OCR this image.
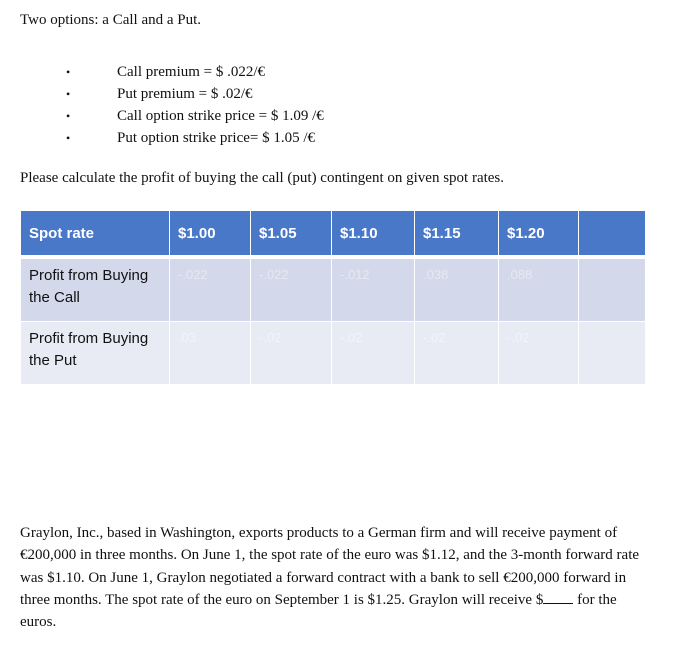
Two options: a Call and a Put.
•	Call premium = $ .022/€
•	Put premium = $ .02/€
•	Call option strike price = $ 1.09 /€
•	Put option strike price= $ 1.05 /€
Please calculate the profit of buying the call (put) contingent on given spot rates.
Spot rate	$1.00	$1.05	$1.10	$1.15	$1.20	

Profit from Buying the Call	-.022	-.022	-.012	.038	.088	

Profit from Buying the Put	.03	-.02	-.02	-.02	-.02	

Graylon, Inc., based in Washington, exports products to a German firm and will receive payment of €200,000 in three months. On June 1, the spot rate of the euro was $1.12, and the 3-month forward rate was $1.10. On June 1, Graylon negotiated a forward contract with a bank to sell €200,000 forward in three months. The spot rate of the euro on September 1 is $1.25. Graylon will receive $ for the euros.
